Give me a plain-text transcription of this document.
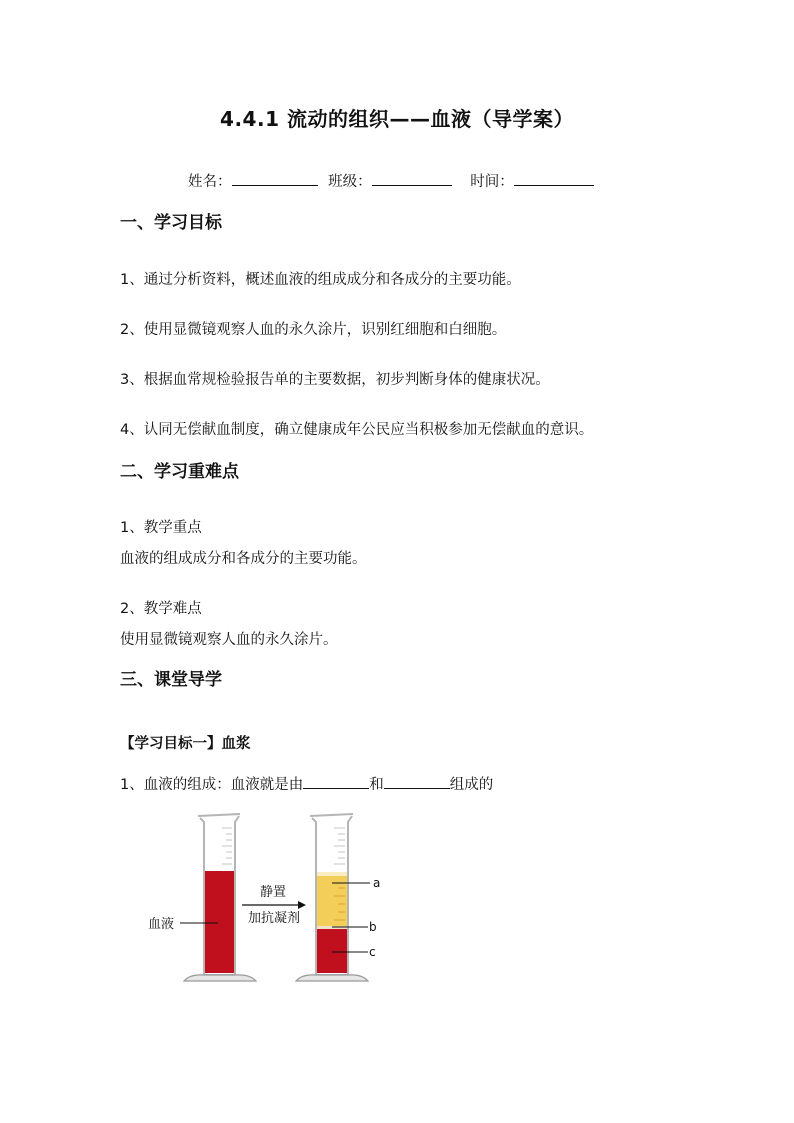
4.4.1 流动的组织——血液（导学案）
姓名：	班级：	时间：
一、学习目标
1、通过分析资料，概述血液的组成成分和各成分的主要功能。
2、使用显微镜观察人血的永久涂片，识别红细胞和白细胞。
3、根据血常规检验报告单的主要数据，初步判断身体的健康状况。
4、认同无偿献血制度，确立健康成年公民应当积极参加无偿献血的意识。
二、学习重难点
1、教学重点
血液的组成成分和各成分的主要功能。
2、教学难点
使用显微镜观察人血的永久涂片。
三、课堂导学
【学习目标一】血浆
1、血液的组成：血液就是由	和	组成的
血液
静置
加抗凝剂
a
b
c
